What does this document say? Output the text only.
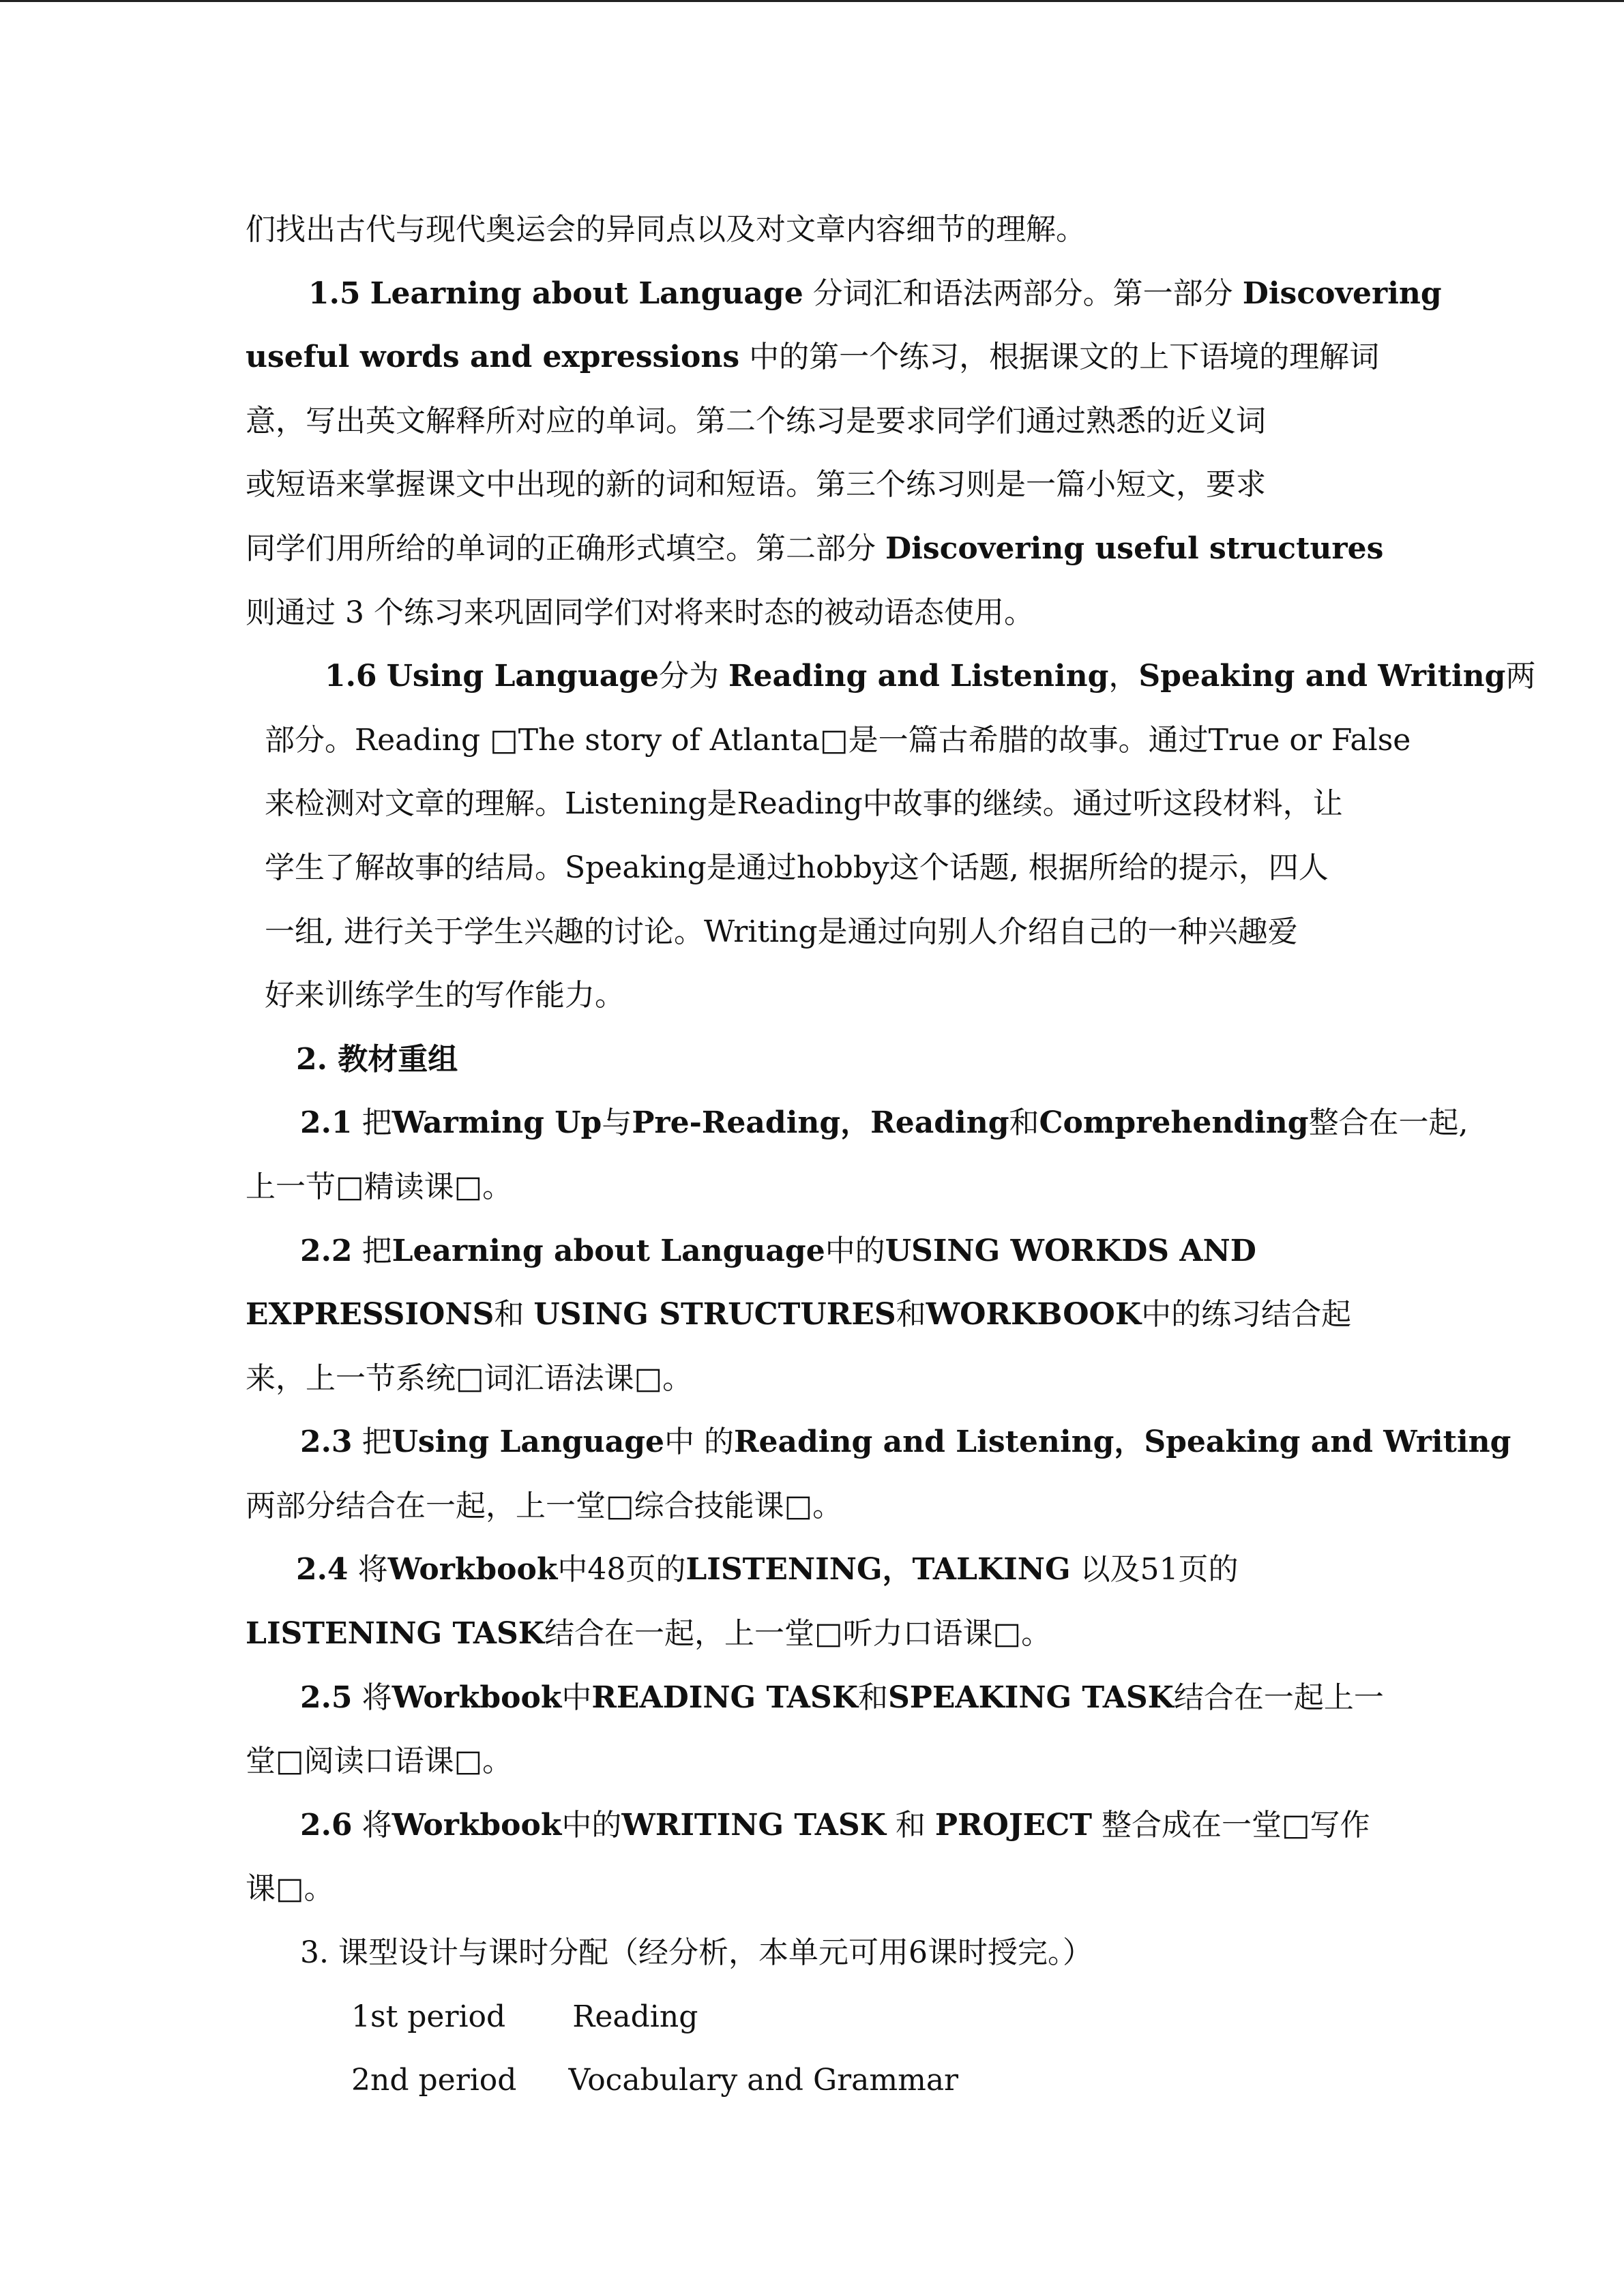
们找出古代与现代奥运会的异同点以及对文章内容细节的理解。
1.5 Learning about Language 分词汇和语法两部分。第一部分 Discovering
useful words and expressions 中的第一个练习，根据课文的上下语境的理解词
意，写出英文解释所对应的单词。第二个练习是要求同学们通过熟悉的近义词
或短语来掌握课文中出现的新的词和短语。第三个练习则是一篇小短文，要求
同学们用所给的单词的正确形式填空。第二部分 Discovering useful structures
则通过 3 个练习来巩固同学们对将来时态的被动语态使用。
1.6 Using Language分为 Reading and Listening，Speaking and Writing两
部分。Reading □The story of Atlanta□是一篇古希腊的故事。通过True or False
来检测对文章的理解。Listening是Reading中故事的继续。通过听这段材料，让
学生了解故事的结局。Speaking是通过hobby这个话题, 根据所给的提示，四人
一组, 进行关于学生兴趣的讨论。Writing是通过向别人介绍自己的一种兴趣爱
好来训练学生的写作能力。
2. 教材重组
2.1 把Warming Up与Pre-Reading，Reading和Comprehending整合在一起,
上一节□精读课□。
2.2 把Learning about Language中的USING WORKDS AND
EXPRESSIONS和 USING STRUCTURES和WORKBOOK中的练习结合起
来，上一节系统□词汇语法课□。
2.3 把Using Language中 的Reading and Listening，Speaking and Writing
两部分结合在一起，上一堂□综合技能课□。
2.4 将Workbook中48页的LISTENING，TALKING 以及51页的
LISTENING TASK结合在一起，上一堂□听力口语课□。
2.5 将Workbook中READING TASK和SPEAKING TASK结合在一起上一
堂□阅读口语课□。
2.6 将Workbook中的WRITING TASK 和 PROJECT 整合成在一堂□写作
课□。
3. 课型设计与课时分配（经分析，本单元可用6课时授完。）
1st period Reading
2nd period Vocabulary and Grammar
